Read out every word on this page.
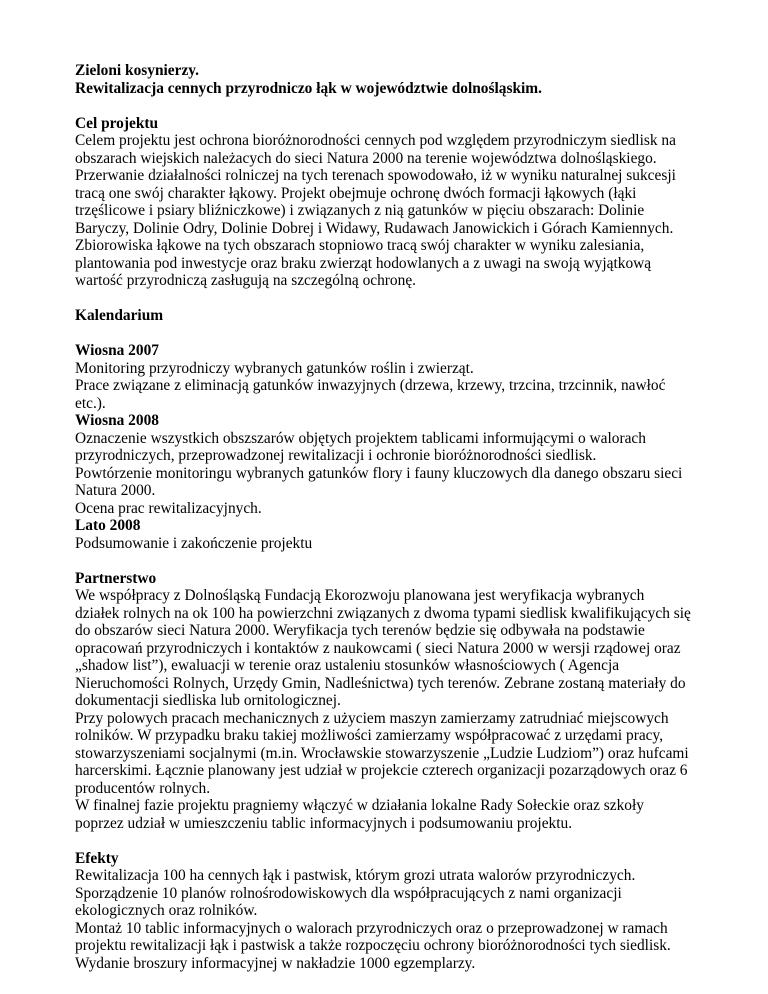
Zieloni kosynierzy.
Rewitalizacja cennych przyrodniczo łąk w województwie dolnośląskim.
Cel projektu
Celem projektu jest ochrona bioróżnorodności cennych pod względem przyrodniczym siedlisk na
obszarach wiejskich należacych do sieci Natura 2000 na terenie województwa dolnośląskiego.
Przerwanie działalności rolniczej na tych terenach spowodowało, iż w wyniku naturalnej sukcesji
tracą one swój charakter łąkowy. Projekt obejmuje ochronę dwóch formacji łąkowych (łąki
trzęślicowe i psiary bliźniczkowe) i związanych z nią gatunków w pięciu obszarach: Dolinie
Baryczy, Dolinie Odry, Dolinie Dobrej i Widawy, Rudawach Janowickich i Górach Kamiennych.
Zbiorowiska łąkowe na tych obszarach stopniowo tracą swój charakter w wyniku zalesiania,
plantowania pod inwestycje oraz braku zwierząt hodowlanych a z uwagi na swoją wyjątkową
wartość przyrodniczą zasługują na szczególną ochronę.
Kalendarium
Wiosna 2007
Monitoring przyrodniczy wybranych gatunków roślin i zwierząt.
Prace związane z eliminacją gatunków inwazyjnych (drzewa, krzewy, trzcina, trzcinnik, nawłoć
etc.).
Wiosna 2008
Oznaczenie wszystkich obszszarów objętych projektem tablicami informującymi o walorach
przyrodniczych, przeprowadzonej rewitalizacji i ochronie bioróżnorodności siedlisk.
Powtórzenie monitoringu wybranych gatunków flory i fauny kluczowych dla danego obszaru sieci
Natura 2000.
Ocena prac rewitalizacyjnych.
Lato 2008
Podsumowanie i zakończenie projektu
Partnerstwo
We współpracy z Dolnośląską Fundacją Ekorozwoju planowana jest weryfikacja wybranych
działek rolnych na ok 100 ha powierzchni związanych z dwoma typami siedlisk kwalifikujących się
do obszarów sieci Natura 2000. Weryfikacja tych terenów będzie się odbywała na podstawie
opracowań przyrodniczych i kontaktów z naukowcami ( sieci Natura 2000 w wersji rządowej oraz
„shadow list”), ewaluacji w terenie oraz ustaleniu stosunków własnościowych ( Agencja
Nieruchomości Rolnych, Urzędy Gmin, Nadleśnictwa) tych terenów. Zebrane zostaną materiały do
dokumentacji siedliska lub ornitologicznej.
Przy polowych pracach mechanicznych z użyciem maszyn zamierzamy zatrudniać miejscowych
rolników. W przypadku braku takiej możliwości zamierzamy współpracować z urzędami pracy,
stowarzyszeniami socjalnymi (m.in. Wrocławskie stowarzyszenie „Ludzie Ludziom”) oraz hufcami
harcerskimi. Łącznie planowany jest udział w projekcie czterech organizacji pozarządowych oraz 6
producentów rolnych.
W finalnej fazie projektu pragniemy włączyć w działania lokalne Rady Sołeckie oraz szkoły
poprzez udział w umieszczeniu tablic informacyjnych i podsumowaniu projektu.
Efekty
Rewitalizacja 100 ha cennych łąk i pastwisk, którym grozi utrata walorów przyrodniczych.
Sporządzenie 10 planów rolnośrodowiskowych dla współpracujących z nami organizacji
ekologicznych oraz rolników.
Montaż 10 tablic informacyjnych o walorach przyrodniczych oraz o przeprowadzonej w ramach
projektu rewitalizacji łąk i pastwisk a także rozpoczęciu ochrony bioróżnorodności tych siedlisk.
Wydanie broszury informacyjnej w nakładzie 1000 egzemplarzy.
